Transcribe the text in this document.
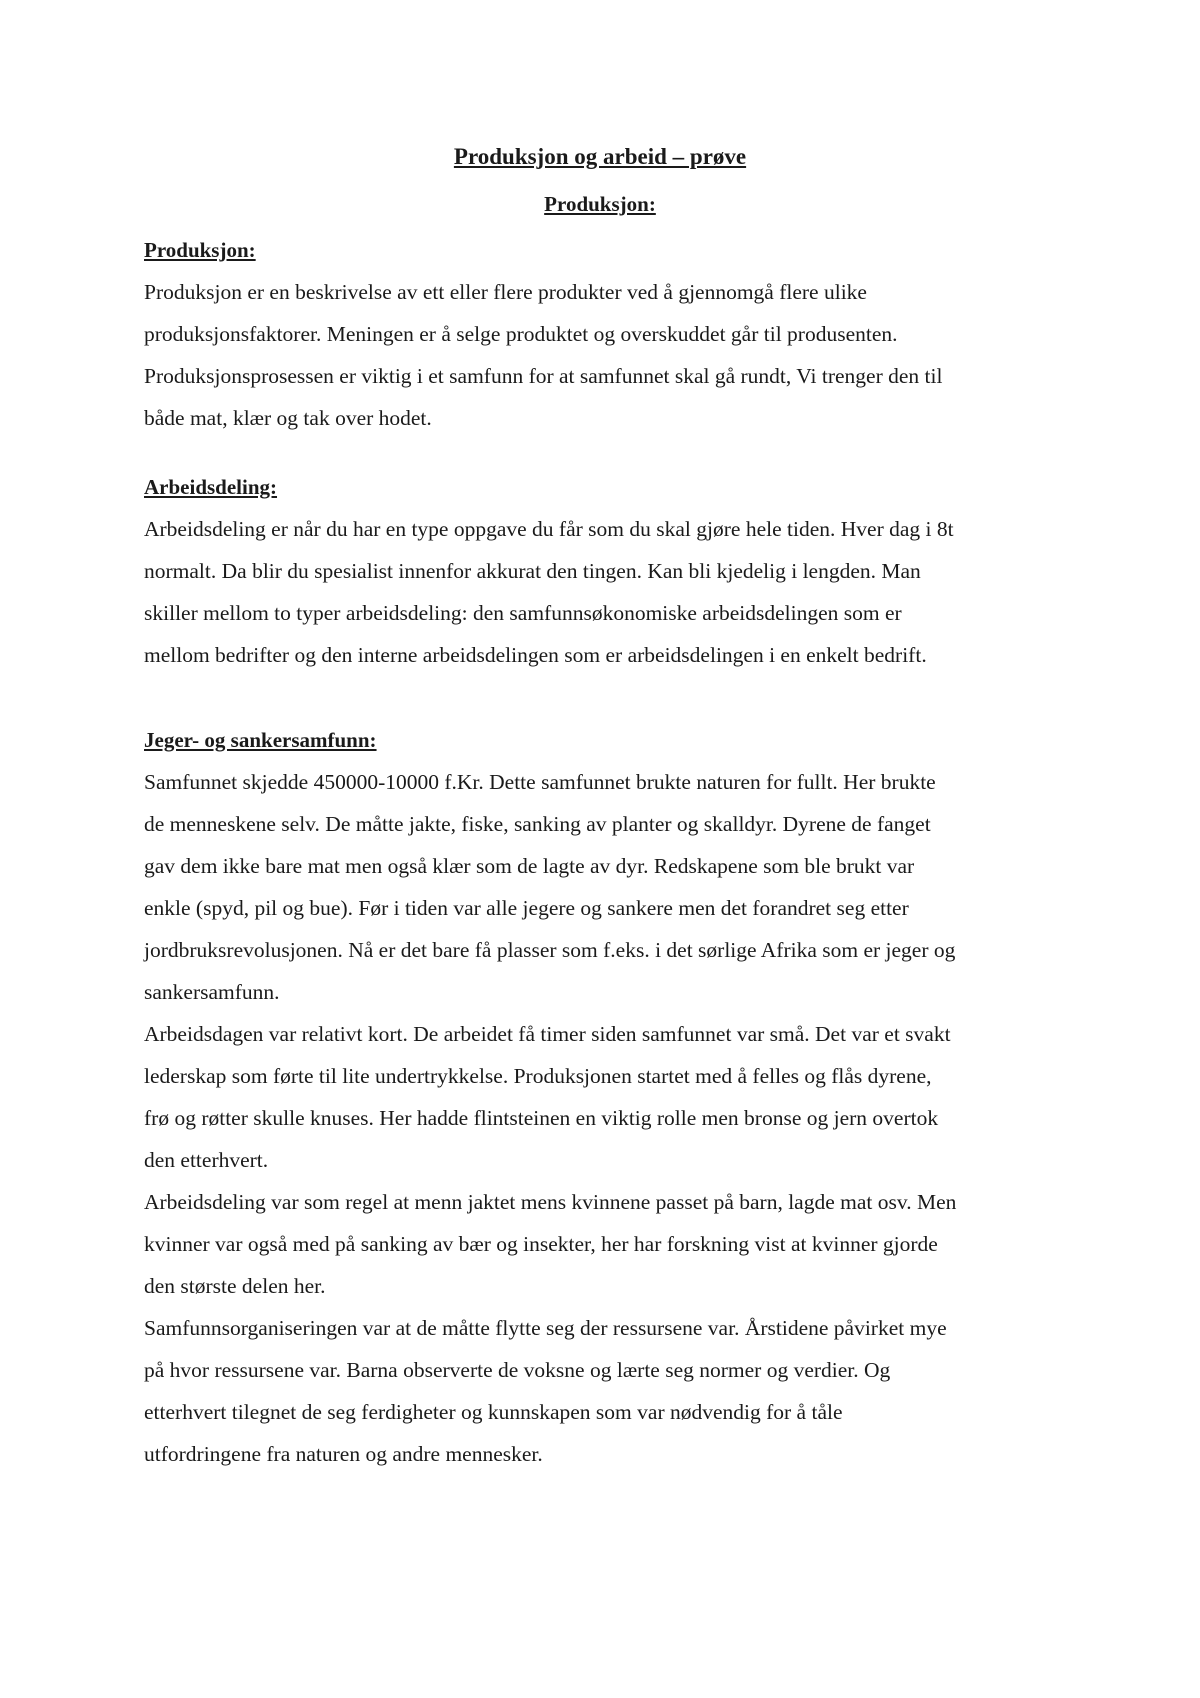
Produksjon og arbeid – prøve
Produksjon:
Produksjon:

Produksjon er en beskrivelse av ett eller flere produkter ved å gjennomgå flere ulike
produksjonsfaktorer. Meningen er å selge produktet og overskuddet går til produsenten.
Produksjonsprosessen er viktig i et samfunn for at samfunnet skal gå rundt, Vi trenger den til
både mat, klær og tak over hodet.

Arbeidsdeling:

Arbeidsdeling er når du har en type oppgave du får som du skal gjøre hele tiden. Hver dag i 8t
normalt. Da blir du spesialist innenfor akkurat den tingen. Kan bli kjedelig i lengden. Man
skiller mellom to typer arbeidsdeling: den samfunnsøkonomiske arbeidsdelingen som er
mellom bedrifter og den interne arbeidsdelingen som er arbeidsdelingen i en enkelt bedrift.

Jeger- og sankersamfunn:

Samfunnet skjedde 450000-10000 f.Kr. Dette samfunnet brukte naturen for fullt. Her brukte
de menneskene selv. De måtte jakte, fiske, sanking av planter og skalldyr. Dyrene de fanget
gav dem ikke bare mat men også klær som de lagte av dyr. Redskapene som ble brukt var
enkle (spyd, pil og bue). Før i tiden var alle jegere og sankere men det forandret seg etter
jordbruksrevolusjonen. Nå er det bare få plasser som f.eks. i det sørlige Afrika som er jeger og
sankersamfunn.

Arbeidsdagen var relativt kort. De arbeidet få timer siden samfunnet var små. Det var et svakt
lederskap som førte til lite undertrykkelse. Produksjonen startet med å felles og flås dyrene,
frø og røtter skulle knuses. Her hadde flintsteinen en viktig rolle men bronse og jern overtok
den etterhvert.

Arbeidsdeling var som regel at menn jaktet mens kvinnene passet på barn, lagde mat osv. Men
kvinner var også med på sanking av bær og insekter, her har forskning vist at kvinner gjorde
den største delen her.

Samfunnsorganiseringen var at de måtte flytte seg der ressursene var. Årstidene påvirket mye
på hvor ressursene var. Barna observerte de voksne og lærte seg normer og verdier. Og
etterhvert tilegnet de seg ferdigheter og kunnskapen som var nødvendig for å tåle
utfordringene fra naturen og andre mennesker.
